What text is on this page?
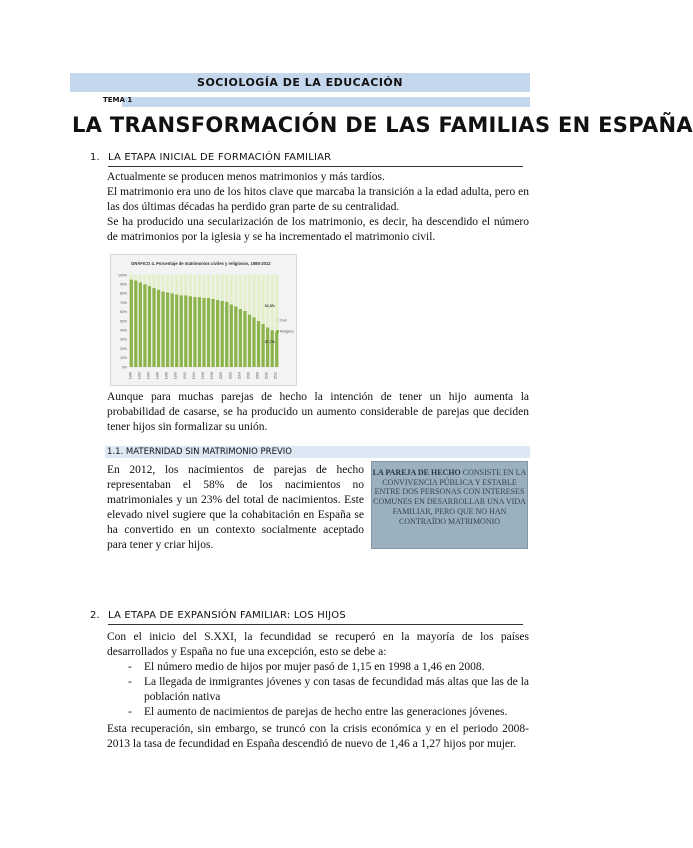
SOCIOLOGÍA DE LA EDUCACIÓN
TEMA 1
LA TRANSFORMACIÓN DE LAS FAMILIAS EN ESPAÑA
1. LA ETAPA INICIAL DE FORMACIÓN FAMILIAR
Actualmente se producen menos matrimonios y más tardíos.
El matrimonio era uno de los hitos clave que marcaba la transición a la edad adulta, pero en las dos últimas décadas ha perdido gran parte de su centralidad.
Se ha producido una secularización de los matrimonio, es decir, ha descendido el número de matrimonios por la iglesia y se ha incrementado el matrimonio civil.
GRÁFICO 4. Porcentaje de matrimonios civiles y religiosos, 1980-2012
0%
10%
20%
30%
40%
50%
60%
70%
80%
90%
100%
1980 1982 1984 1986 1988 1990 1992 1994 1996 1998 2000 2002 2004 2006 2008 2010 2012
62,3%
37,7%
Civil
Religioso
Aunque para muchas parejas de hecho la intención de tener un hijo aumenta la probabilidad de casarse, se ha producido un aumento considerable de parejas que deciden tener hijos sin formalizar su unión.
1.1. MATERNIDAD SIN MATRIMONIO PREVIO
En 2012, los nacimientos de parejas de hecho representaban el 58% de los nacimientos no matrimoniales y un 23% del total de nacimientos. Este elevado nivel sugiere que la cohabitación en España se ha convertido en un contexto socialmente aceptado para tener y criar hijos.
LA PAREJA DE HECHO CONSISTE EN LA CONVIVENCIA PÚBLICA Y ESTABLE ENTRE DOS PERSONAS CON INTERESES COMUNES EN DESARROLLAR UNA VIDA FAMILIAR, PERO QUE NO HAN CONTRAÍDO MATRIMONIO
2. LA ETAPA DE EXPANSIÓN FAMILIAR: LOS HIJOS
Con el inicio del S.XXI, la fecundidad se recuperó en la mayoría de los países desarrollados y España no fue una excepción, esto se debe a:
- El número medio de hijos por mujer pasó de 1,15 en 1998 a 1,46 en 2008.
- La llegada de inmigrantes jóvenes y con tasas de fecundidad más altas que las de la población nativa
- El aumento de nacimientos de parejas de hecho entre las generaciones jóvenes.
Esta recuperación, sin embargo, se truncó con la crisis económica y en el periodo 2008-2013 la tasa de fecundidad en España descendió de nuevo de 1,46 a 1,27 hijos por mujer.
